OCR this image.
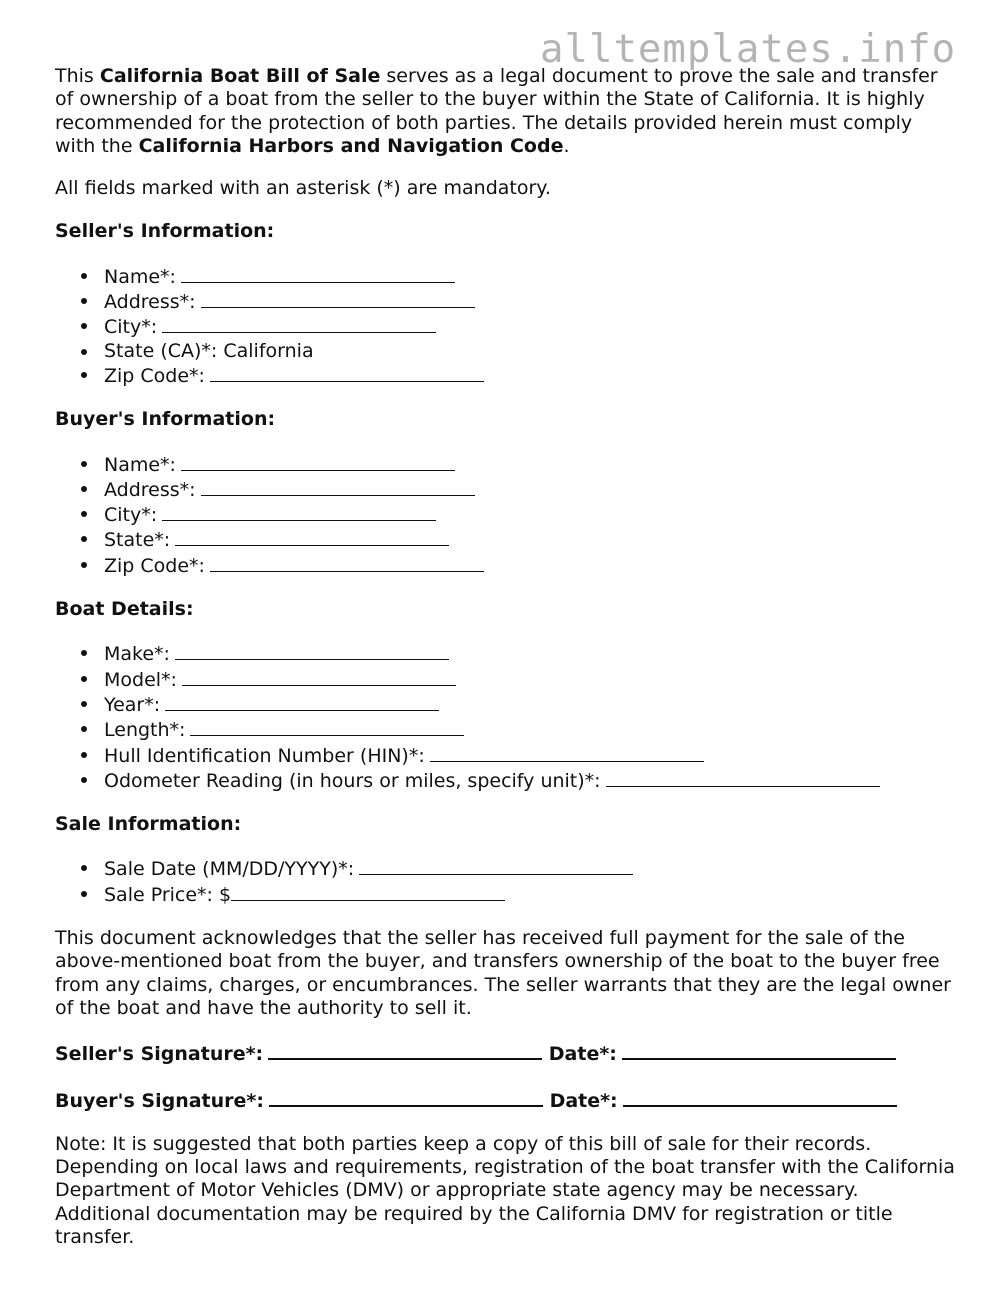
alltemplates.info

This California Boat Bill of Sale serves as a legal document to prove the sale and transfer of ownership of a boat from the seller to the buyer within the State of California. It is highly recommended for the protection of both parties. The details provided herein must comply with the California Harbors and Navigation Code.

All fields marked with an asterisk (*) are mandatory.

Seller's Information:

Name*:
Address*:
City*:
State (CA)*: California
Zip Code*:

Buyer's Information:

Name*:
Address*:
City*:
State*:
Zip Code*:

Boat Details:

Make*:
Model*:
Year*:
Length*:
Hull Identification Number (HIN)*:
Odometer Reading (in hours or miles, specify unit)*:

Sale Information:

Sale Date (MM/DD/YYYY)*:
Sale Price*: $

This document acknowledges that the seller has received full payment for the sale of the above-mentioned boat from the buyer, and transfers ownership of the boat to the buyer free from any claims, charges, or encumbrances. The seller warrants that they are the legal owner of the boat and have the authority to sell it.

Seller's Signature*:	Date*:

Buyer's Signature*:	Date*:

Note: It is suggested that both parties keep a copy of this bill of sale for their records. Depending on local laws and requirements, registration of the boat transfer with the California Department of Motor Vehicles (DMV) or appropriate state agency may be necessary. Additional documentation may be required by the California DMV for registration or title transfer.
